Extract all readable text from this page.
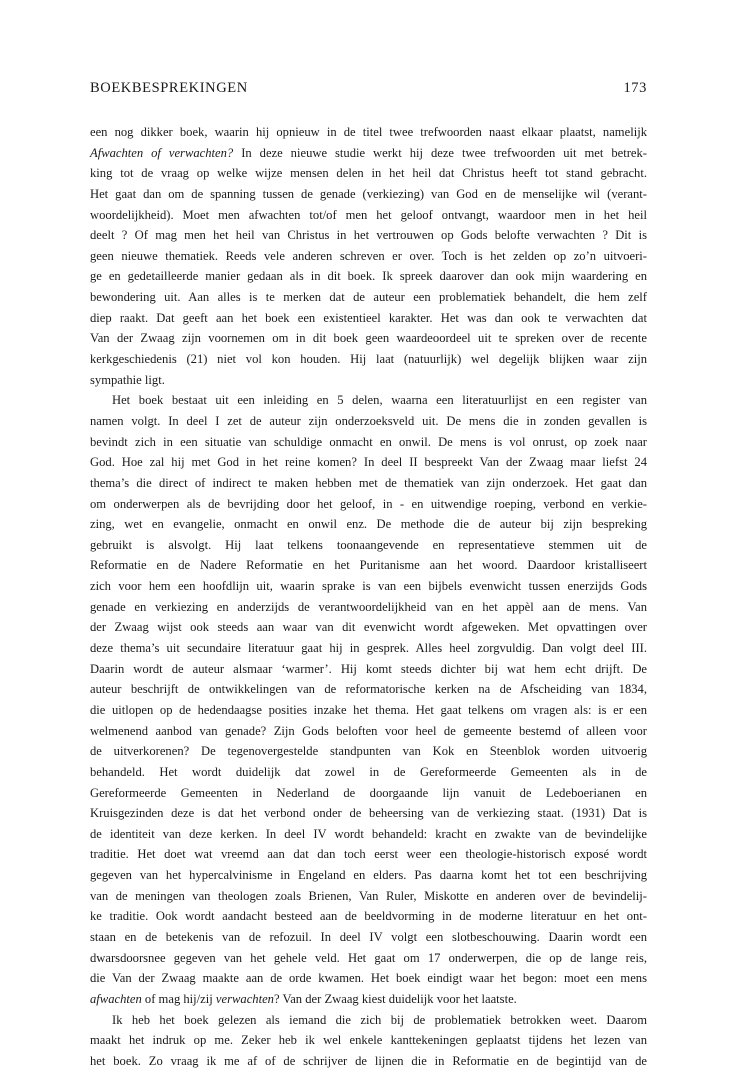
BOEKBESPREKINGEN	173
een nog dikker boek, waarin hij opnieuw in de titel twee trefwoorden naast elkaar plaatst, namelijk
Afwachten of verwachten? In deze nieuwe studie werkt hij deze twee trefwoorden uit met betrek-
king tot de vraag op welke wijze mensen delen in het heil dat Christus heeft tot stand gebracht.
Het gaat dan om de spanning tussen de genade (verkiezing) van God en de menselijke wil (verant-
woordelijkheid). Moet men afwachten tot/of men het geloof ontvangt, waardoor men in het heil
deelt ? Of mag men het heil van Christus in het vertrouwen op Gods belofte verwachten ? Dit is
geen nieuwe thematiek. Reeds vele anderen schreven er over. Toch is het zelden op zo’n uitvoeri-
ge en gedetailleerde manier gedaan als in dit boek. Ik spreek daarover dan ook mijn waardering en
bewondering uit. Aan alles is te merken dat de auteur een problematiek behandelt, die hem zelf
diep raakt. Dat geeft aan het boek een existentieel karakter. Het was dan ook te verwachten dat
Van der Zwaag zijn voornemen om in dit boek geen waardeoordeel uit te spreken over de recente
kerkgeschiedenis (21) niet vol kon houden. Hij laat (natuurlijk) wel degelijk blijken waar zijn
sympathie ligt.
Het boek bestaat uit een inleiding en 5 delen, waarna een literatuurlijst en een register van
namen volgt. In deel I zet de auteur zijn onderzoeksveld uit. De mens die in zonden gevallen is
bevindt zich in een situatie van schuldige onmacht en onwil. De mens is vol onrust, op zoek naar
God. Hoe zal hij met God in het reine komen? In deel II bespreekt Van der Zwaag maar liefst 24
thema’s die direct of indirect te maken hebben met de thematiek van zijn onderzoek. Het gaat dan
om onderwerpen als de bevrijding door het geloof, in - en uitwendige roeping, verbond en verkie-
zing, wet en evangelie, onmacht en onwil enz. De methode die de auteur bij zijn bespreking
gebruikt is alsvolgt. Hij laat telkens toonaangevende en representatieve stemmen uit de
Reformatie en de Nadere Reformatie en het Puritanisme aan het woord. Daardoor kristalliseert
zich voor hem een hoofdlijn uit, waarin sprake is van een bijbels evenwicht tussen enerzijds Gods
genade en verkiezing en anderzijds de verantwoordelijkheid van en het appèl aan de mens. Van
der Zwaag wijst ook steeds aan waar van dit evenwicht wordt afgeweken. Met opvattingen over
deze thema’s uit secundaire literatuur gaat hij in gesprek. Alles heel zorgvuldig. Dan volgt deel III.
Daarin wordt de auteur alsmaar ‘warmer’. Hij komt steeds dichter bij wat hem echt drijft. De
auteur beschrijft de ontwikkelingen van de reformatorische kerken na de Afscheiding van 1834,
die uitlopen op de hedendaagse posities inzake het thema. Het gaat telkens om vragen als: is er een
welmenend aanbod van genade? Zijn Gods beloften voor heel de gemeente bestemd of alleen voor
de uitverkorenen? De tegenovergestelde standpunten van Kok en Steenblok worden uitvoerig
behandeld. Het wordt duidelijk dat zowel in de Gereformeerde Gemeenten als in de
Gereformeerde Gemeenten in Nederland de doorgaande lijn vanuit de Ledeboerianen en
Kruisgezinden deze is dat het verbond onder de beheersing van de verkiezing staat. (1931) Dat is
de identiteit van deze kerken. In deel IV wordt behandeld: kracht en zwakte van de bevindelijke
traditie. Het doet wat vreemd aan dat dan toch eerst weer een theologie-historisch exposé wordt
gegeven van het hypercalvinisme in Engeland en elders. Pas daarna komt het tot een beschrijving
van de meningen van theologen zoals Brienen, Van Ruler, Miskotte en anderen over de bevindelij-
ke traditie. Ook wordt aandacht besteed aan de beeldvorming in de moderne literatuur en het ont-
staan en de betekenis van de refozuil. In deel IV volgt een slotbeschouwing. Daarin wordt een
dwarsdoorsnee gegeven van het gehele veld. Het gaat om 17 onderwerpen, die op de lange reis,
die Van der Zwaag maakte aan de orde kwamen. Het boek eindigt waar het begon: moet een mens
afwachten of mag hij/zij verwachten? Van der Zwaag kiest duidelijk voor het laatste.
Ik heb het boek gelezen als iemand die zich bij de problematiek betrokken weet. Daarom
maakt het indruk op me. Zeker heb ik wel enkele kanttekeningen geplaatst tijdens het lezen van
het boek. Zo vraag ik me af of de schrijver de lijnen die in Reformatie en de begintijd van de
